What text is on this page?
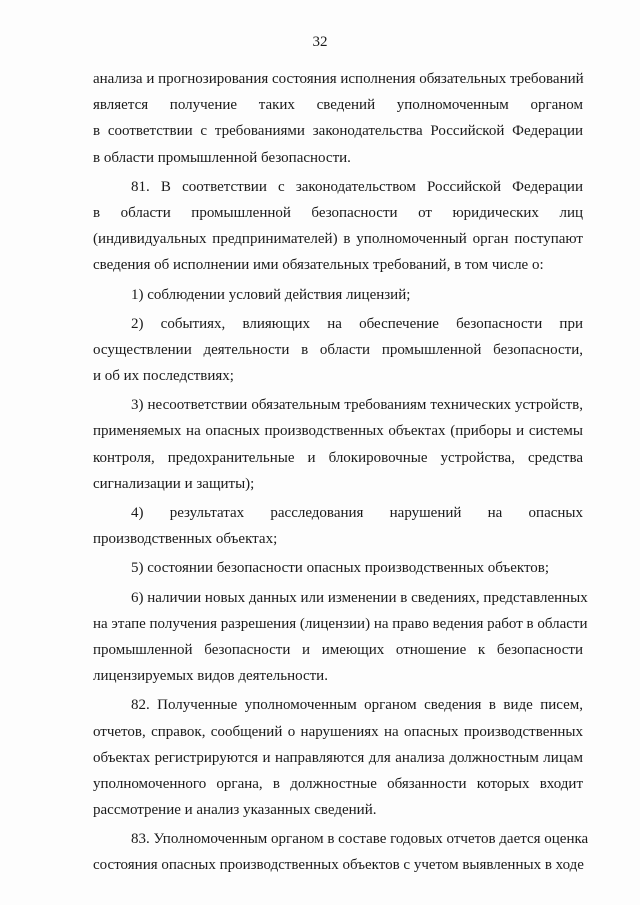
32
анализа и прогнозирования состояния исполнения обязательных требований
является получение таких сведений уполномоченным органом
в соответствии с требованиями законодательства Российской Федерации
в области промышленной безопасности.
81. В соответствии с законодательством Российской Федерации
в области промышленной безопасности от юридических лиц
(индивидуальных предпринимателей) в уполномоченный орган поступают
сведения об исполнении ими обязательных требований, в том числе о:
1) соблюдении условий действия лицензий;
2) событиях, влияющих на обеспечение безопасности при
осуществлении деятельности в области промышленной безопасности,
и об их последствиях;
3) несоответствии обязательным требованиям технических устройств,
применяемых на опасных производственных объектах (приборы и системы
контроля, предохранительные и блокировочные устройства, средства
сигнализации и защиты);
4) результатах расследования нарушений на опасных
производственных объектах;
5) состоянии безопасности опасных производственных объектов;
6) наличии новых данных или изменении в сведениях, представленных
на этапе получения разрешения (лицензии) на право ведения работ в области
промышленной безопасности и имеющих отношение к безопасности
лицензируемых видов деятельности.
82. Полученные уполномоченным органом сведения в виде писем,
отчетов, справок, сообщений о нарушениях на опасных производственных
объектах регистрируются и направляются для анализа должностным лицам
уполномоченного органа, в должностные обязанности которых входит
рассмотрение и анализ указанных сведений.
83. Уполномоченным органом в составе годовых отчетов дается оценка
состояния опасных производственных объектов с учетом выявленных в ходе
